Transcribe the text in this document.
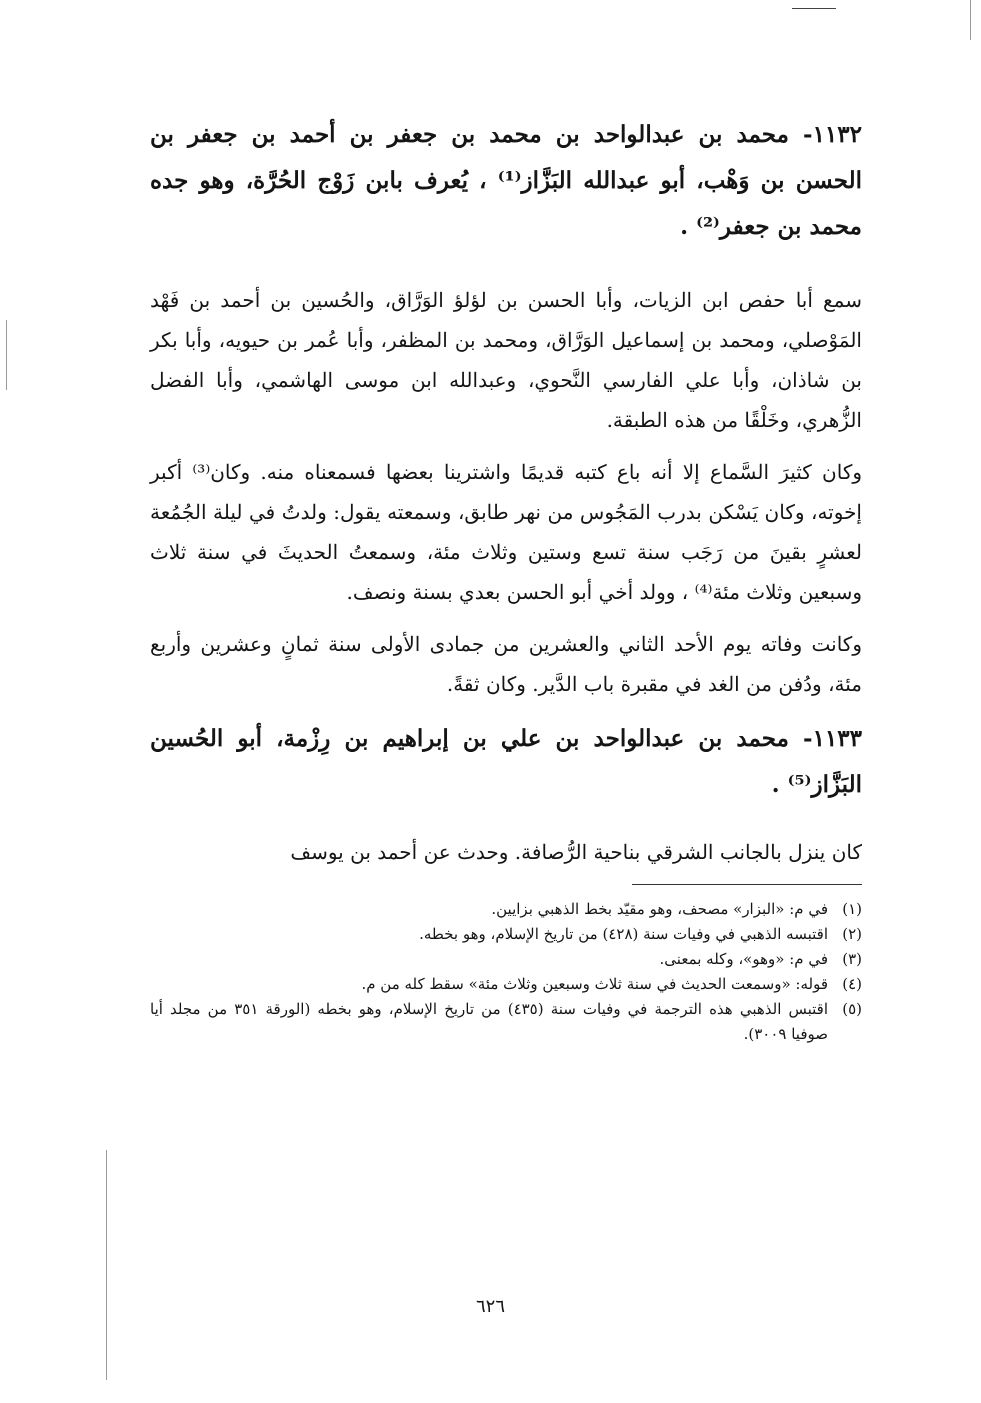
١١٣٢- محمد بن عبدالواحد بن محمد بن جعفر بن أحمد بن جعفر بن الحسن بن وَهْب، أبو عبدالله البَزَّاز⁽¹⁾ ، يُعرف بابن زَوْج الحُرَّة، وهو جده محمد بن جعفر⁽²⁾ .

سمع أبا حفص ابن الزيات، وأبا الحسن بن لؤلؤ الوَرَّاق، والحُسين بن أحمد بن فَهْد المَوْصلي، ومحمد بن إسماعيل الوَرَّاق، ومحمد بن المظفر، وأبا عُمر بن حيويه، وأبا بكر بن شاذان، وأبا علي الفارسي النَّحوي، وعبدالله ابن موسى الهاشمي، وأبا الفضل الزُّهري، وخَلْقًا من هذه الطبقة.

وكان كثيرَ السَّماع إلا أنه باع كتبه قديمًا واشترينا بعضها فسمعناه منه. وكان⁽³⁾ أكبر إخوته، وكان يَسْكن بدرب المَجُوس من نهر طابق، وسمعته يقول: ولدتُ في ليلة الجُمُعة لعشرٍ بقينَ من رَجَب سنة تسع وستين وثلاث مئة، وسمعتُ الحديثَ في سنة ثلاث وسبعين وثلاث مئة⁽⁴⁾ ، وولد أخي أبو الحسن بعدي بسنة ونصف.

وكانت وفاته يوم الأحد الثاني والعشرين من جمادى الأولى سنة ثمانٍ وعشرين وأربع مئة، ودُفن من الغد في مقبرة باب الدَّير. وكان ثقةً.

١١٣٣- محمد بن عبدالواحد بن علي بن إبراهيم بن رِزْمة، أبو الحُسين البَزَّاز⁽⁵⁾ .

كان ينزل بالجانب الشرقي بناحية الرُّصافة. وحدث عن أحمد بن يوسف

(١)
في م: «البزار» مصحف، وهو مقيّد بخط الذهبي بزايين.
(٢)
اقتبسه الذهبي في وفيات سنة (٤٢٨) من تاريخ الإسلام، وهو بخطه.
(٣)
في م: «وهو»، وكله بمعنى.
(٤)
قوله: «وسمعت الحديث في سنة ثلاث وسبعين وثلاث مئة» سقط كله من م.
(٥)
اقتبس الذهبي هذه الترجمة في وفيات سنة (٤٣٥) من تاريخ الإسلام، وهو بخطه (الورقة ٣٥١ من مجلد أيا صوفيا ٣٠٠٩).
٦٢٦
